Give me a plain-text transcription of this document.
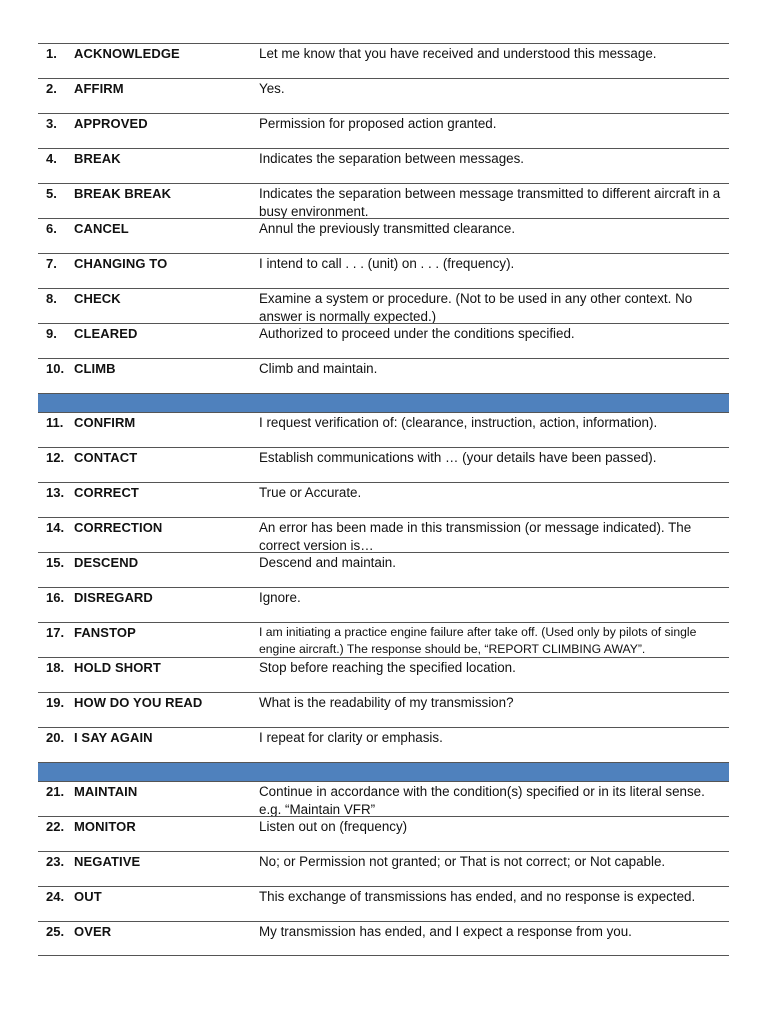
1.	ACKNOWLEDGE	Let me know that you have received and understood this message.
2.	AFFIRM	Yes.
3.	APPROVED	Permission for proposed action granted.
4.	BREAK	Indicates the separation between messages.
5.	BREAK BREAK	Indicates the separation between message transmitted to different aircraft in a busy environment.
6.	CANCEL	Annul the previously transmitted clearance.
7.	CHANGING TO	I intend to call . . . (unit) on . . . (frequency).
8.	CHECK	Examine a system or procedure. (Not to be used in any other context. No answer is normally expected.)
9.	CLEARED	Authorized to proceed under the conditions specified.
10. CLIMB	Climb and maintain.
11. CONFIRM	I request verification of: (clearance, instruction, action, information).
12. CONTACT	Establish communications with … (your details have been passed).
13. CORRECT	True or Accurate.
14. CORRECTION	An error has been made in this transmission (or message indicated). The correct version is…
15. DESCEND	Descend and maintain.
16. DISREGARD	Ignore.
17. FANSTOP	I am initiating a practice engine failure after take off. (Used only by pilots of single engine aircraft.) The response should be, “REPORT CLIMBING AWAY”.
18. HOLD SHORT	Stop before reaching the specified location.
19. HOW DO YOU READ	What is the readability of my transmission?
20. I SAY AGAIN	I repeat for clarity or emphasis.
21. MAINTAIN	Continue in accordance with the condition(s) specified or in its literal sense. e.g. “Maintain VFR”
22. MONITOR	Listen out on (frequency)
23. NEGATIVE	No; or Permission not granted; or That is not correct; or Not capable.
24. OUT	This exchange of transmissions has ended, and no response is expected.
25. OVER	My transmission has ended, and I expect a response from you.
